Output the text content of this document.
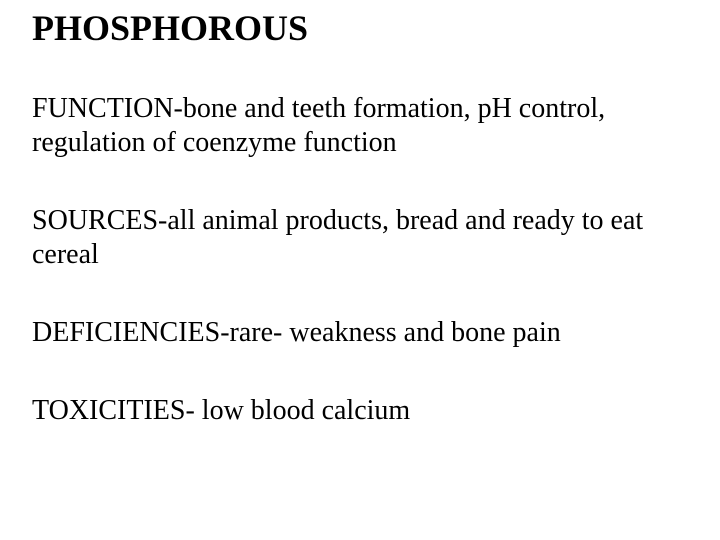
PHOSPHOROUS
FUNCTION-bone and teeth formation, pH control, regulation of coenzyme function
SOURCES-all animal products, bread and ready to eat cereal
DEFICIENCIES-rare- weakness and bone pain
TOXICITIES- low blood calcium
